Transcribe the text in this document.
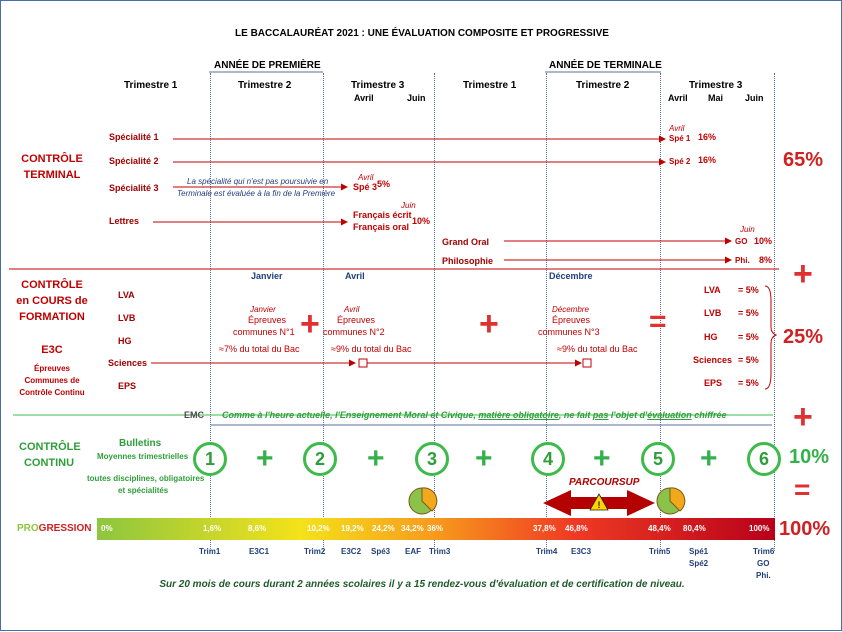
LE BACCALAURÉAT 2021 : UNE ÉVALUATION COMPOSITE ET PROGRESSIVE
ANNÉE DE PREMIÈRE	ANNÉE DE TERMINALE
Trimestre 1	Trimestre 2	Trimestre 3
Avril	Juin
Trimestre 1	Trimestre 2	Trimestre 3
Avril Mai Juin
CONTRÔLE
TERMINAL
Spécialité 1
Spécialité 2
Spécialité 3
Lettres
Grand Oral
Philosophie
La spécialité qui n'est pas poursuivie en
Terminale est évaluée à la fin de la Première
Avril
Spé 3 5%
Juin
Français écrit
Français oral
10%
Avril
Spé 1 16%
Spé 2 16%
Juin
GO 10%
Phi. 8%
65%
+
CONTRÔLE
en COURS de
FORMATION
E3C
Épreuves
Communes de
Contrôle Continu
LVA
LVB
HG
Sciences
EPS
Janvier	Avril	Décembre
Janvier
Épreuves
communes N°1
≈7% du total du Bac
Avril
Épreuves
communes N°2
≈9% du total du Bac
Décembre
Épreuves
communes N°3
≈9% du total du Bac
+	+	=
LVA = 5%
LVB = 5%
HG = 5%
Sciences = 5%
EPS = 5%
25%
+
EMC Comme à l'heure actuelle, l'Enseignement Moral et Civique, matière obligatoire, ne fait pas l'objet d'évaluation chiffrée
CONTRÔLE
CONTINU
Bulletins
Moyennes trimestrielles
toutes disciplines, obligatoires
et spécialités
1	2	3	4	5	6
+	+	+	+	+	10%
=
!
PARCOURSUP
PROGRESSION 0%	1,6%	8,6%	10,2% 19,2% 24,2% 34,2% 36%	37,8% 46,8%	48,4% 80,4%	100% 100%
Trim1	E3C1	Trim2 E3C2 Spé3 EAF Trim3	Trim4 E3C3	Trim5 Spé1
Spé2
Trim6
GO
Phi.
Sur 20 mois de cours durant 2 années scolaires il y a 15 rendez-vous d'évaluation et de certification de niveau.
